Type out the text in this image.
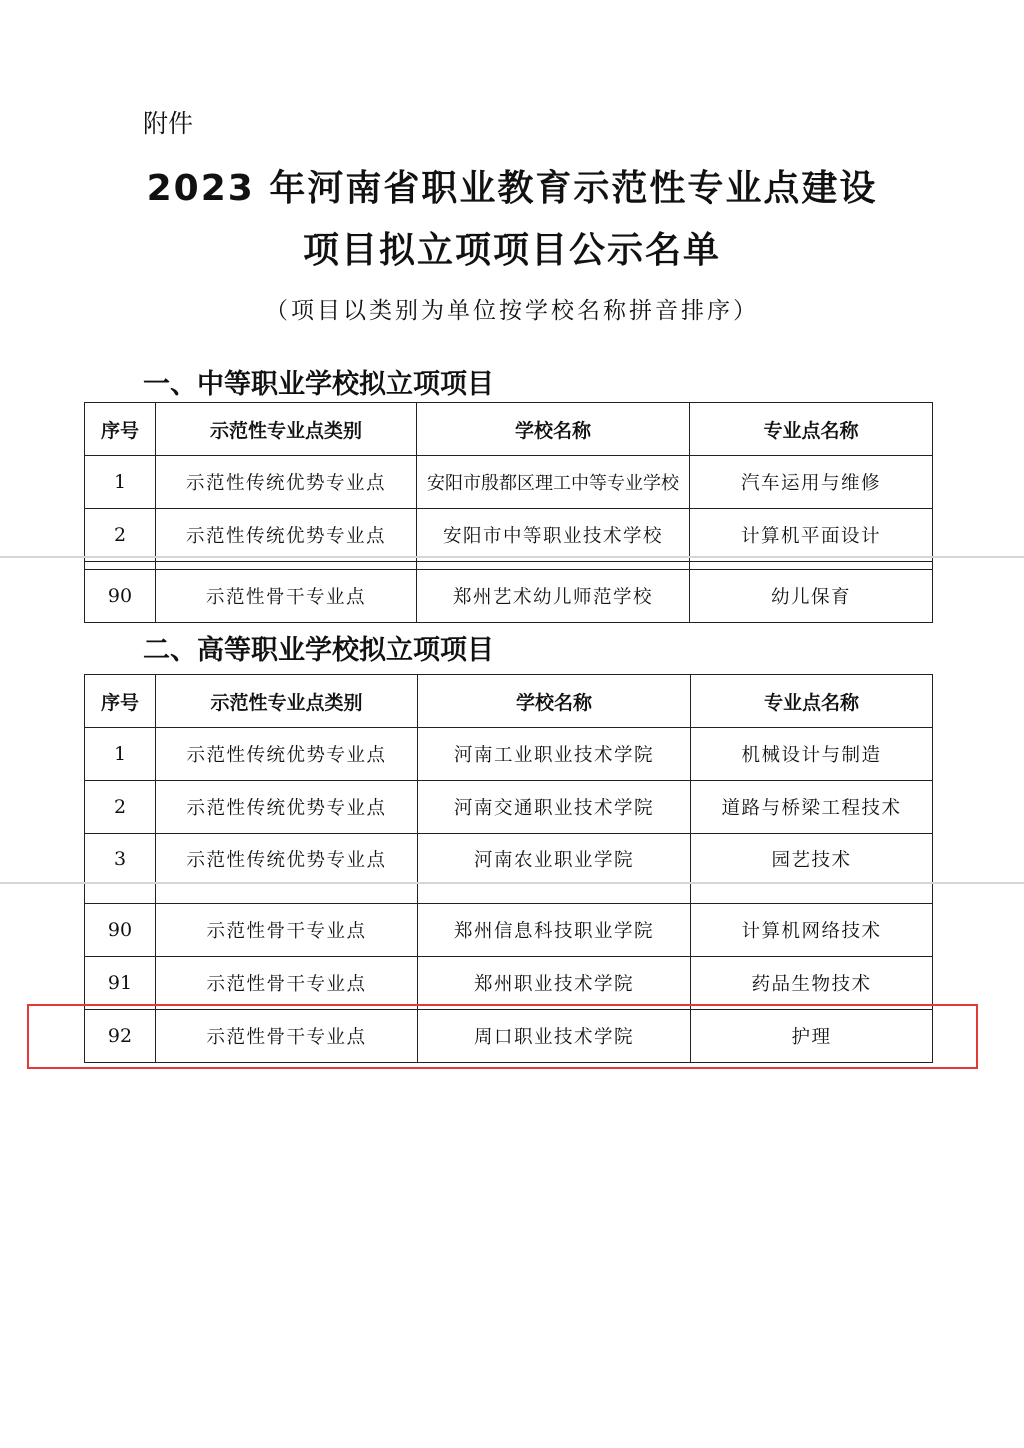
附件
2023 年河南省职业教育示范性专业点建设
项目拟立项项目公示名单
（项目以类别为单位按学校名称拼音排序）
一、中等职业学校拟立项项目
序号	示范性专业点类别	学校名称	专业点名称
1	示范性传统优势专业点	安阳市殷都区理工中等专业学校	汽车运用与维修
2	示范性传统优势专业点	安阳市中等职业技术学校	计算机平面设计

90	示范性骨干专业点	郑州艺术幼儿师范学校	幼儿保育
二、高等职业学校拟立项项目
序号	示范性专业点类别	学校名称	专业点名称
1	示范性传统优势专业点	河南工业职业技术学院	机械设计与制造
2	示范性传统优势专业点	河南交通职业技术学院	道路与桥梁工程技术
3	示范性传统优势专业点	河南农业职业学院	园艺技术

90	示范性骨干专业点	郑州信息科技职业学院	计算机网络技术
91	示范性骨干专业点	郑州职业技术学院	药品生物技术
92	示范性骨干专业点	周口职业技术学院	护理
